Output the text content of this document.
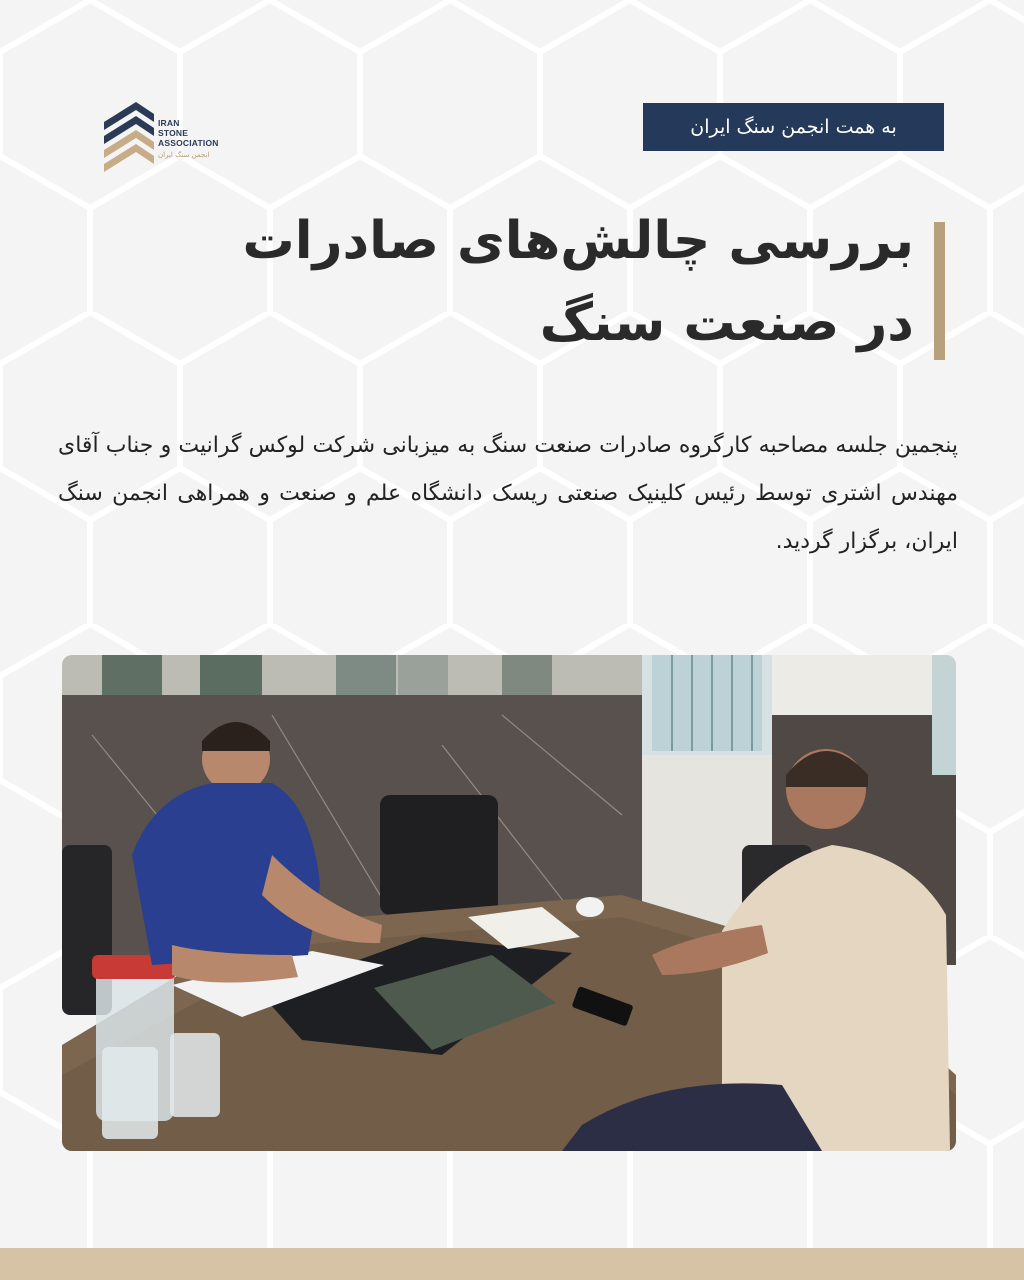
IRAN
STONE
ASSOCIATION
انجمن سنگ ایران
به همت انجمن سنگ ایران
بررسی چالش‌های صادرات
در صنعت سنگ
پنجمین جلسه مصاحبه کارگروه صادرات صنعت سنگ به میزبانی شرکت لوکس گرانیت و جناب آقای مهندس اشتری توسط رئیس کلینیک صنعتی ریسک دانشگاه علم و صنعت و همراهی انجمن سنگ ایران، برگزار گردید.
